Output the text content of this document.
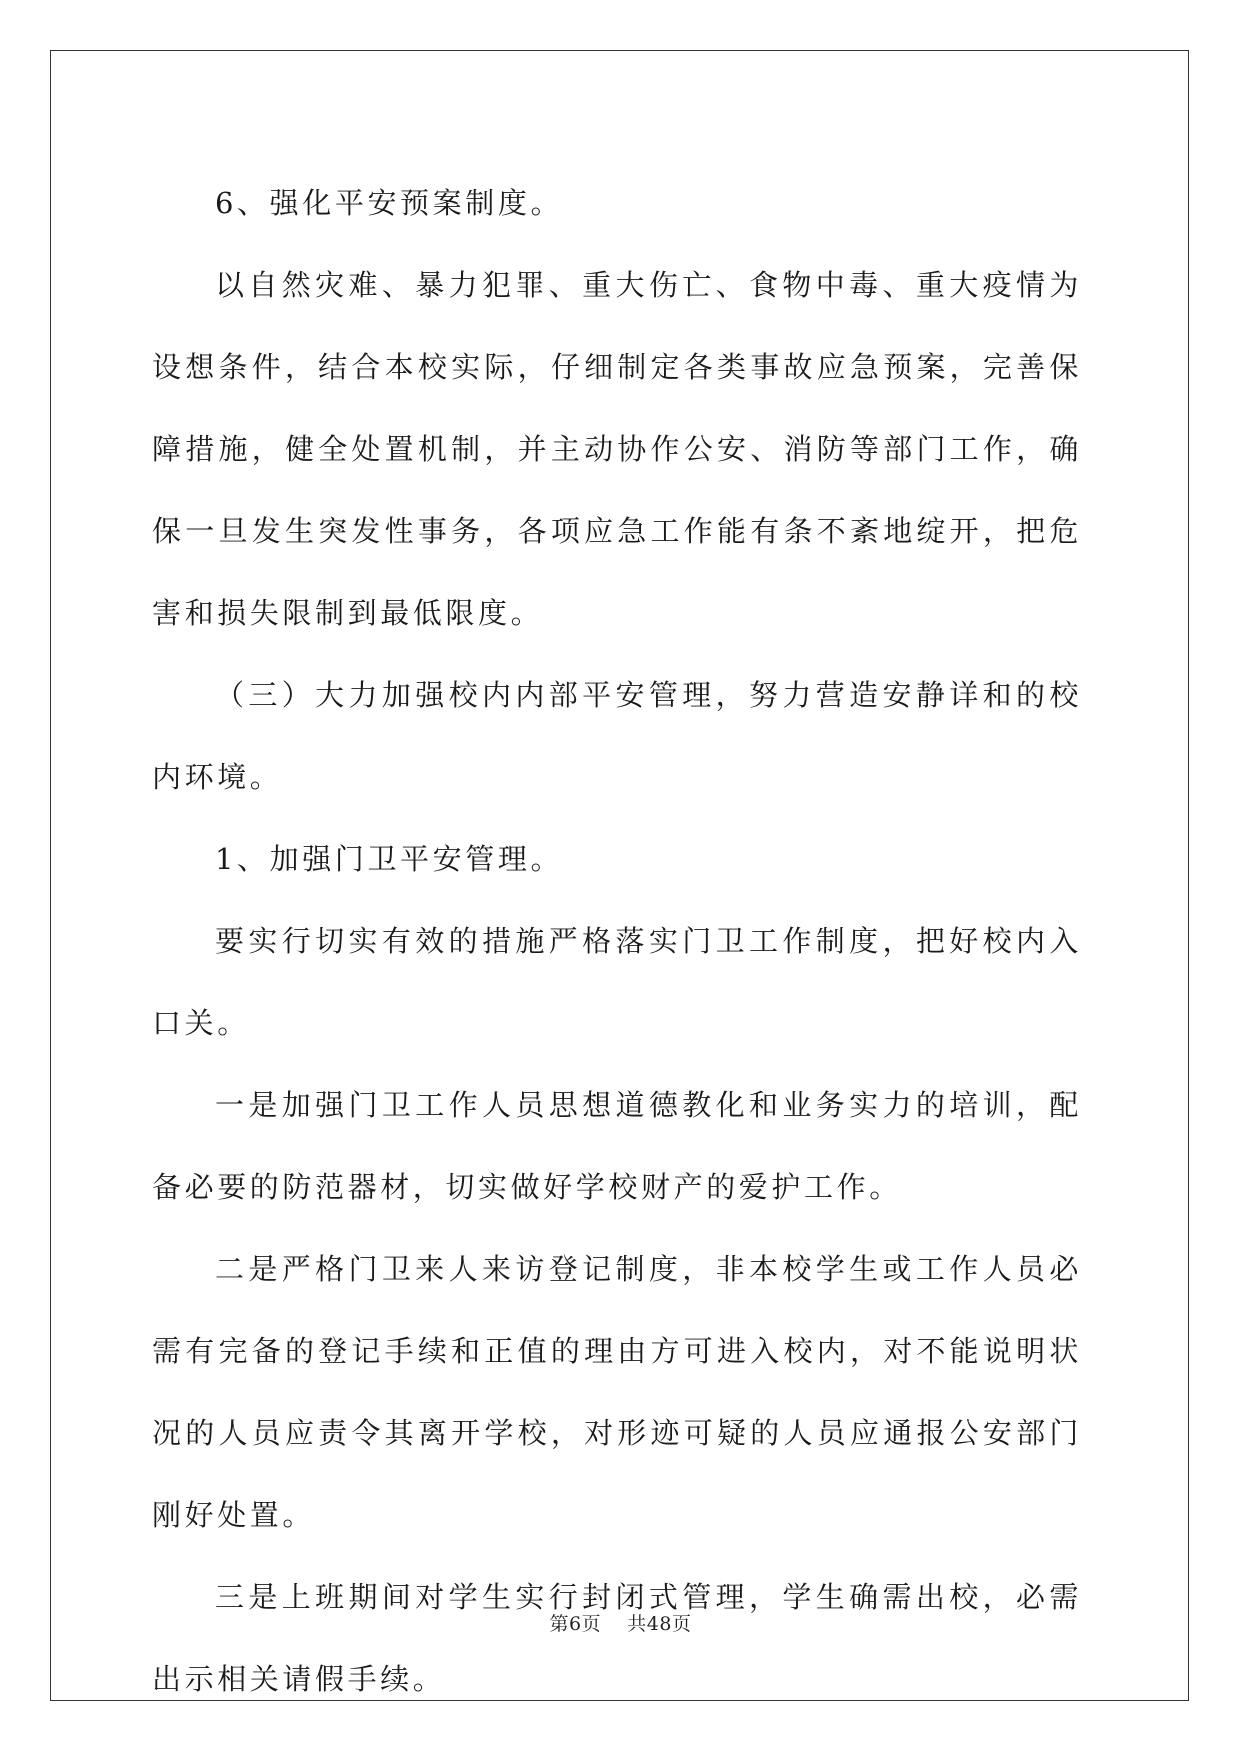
6、强化平安预案制度。

以自然灾难、暴力犯罪、重大伤亡、食物中毒、重大疫情为设想条件，结合本校实际，仔细制定各类事故应急预案，完善保障措施，健全处置机制，并主动协作公安、消防等部门工作，确保一旦发生突发性事务，各项应急工作能有条不紊地绽开，把危害和损失限制到最低限度。

（三）大力加强校内内部平安管理，努力营造安静详和的校内环境。

1、加强门卫平安管理。

要实行切实有效的措施严格落实门卫工作制度，把好校内入口关。

一是加强门卫工作人员思想道德教化和业务实力的培训，配备必要的防范器材，切实做好学校财产的爱护工作。

二是严格门卫来人来访登记制度，非本校学生或工作人员必需有完备的登记手续和正值的理由方可进入校内，对不能说明状况的人员应责令其离开学校，对形迹可疑的人员应通报公安部门刚好处置。

三是上班期间对学生实行封闭式管理，学生确需出校，必需出示相关请假手续。

第6页    共48页
